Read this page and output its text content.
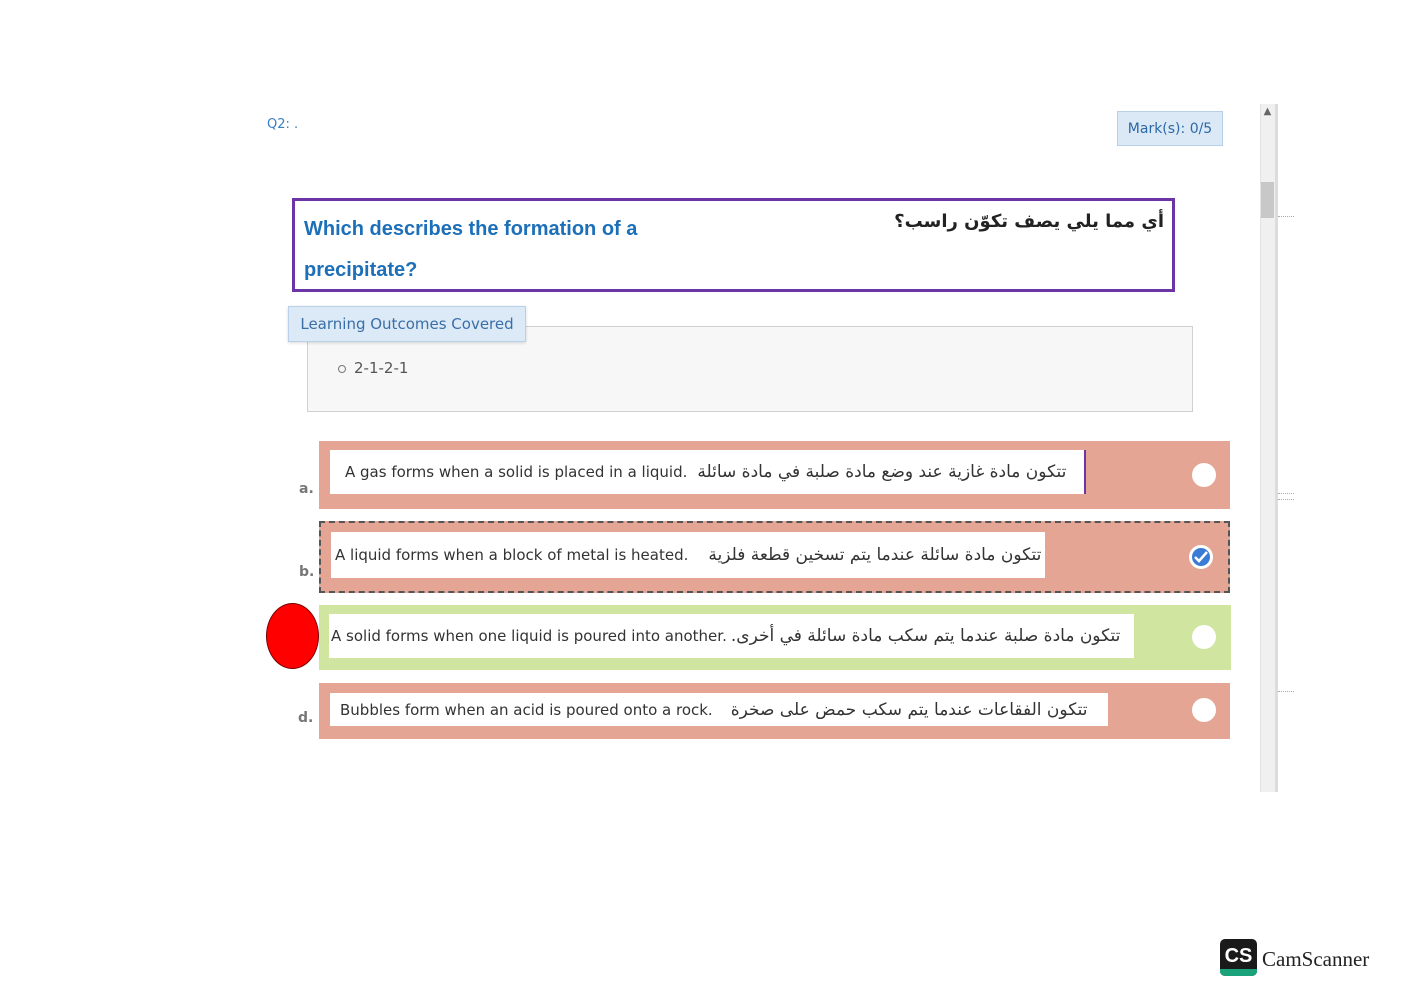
Q2: .	Mark(s): 0/5
Which describes the formation of a precipitate?
أي مما يلي يصف تكوّن راسب؟
2-1-2-1
Learning Outcomes Covered
a.
A gas forms when a solid is placed in a liquid. تتكون مادة غازية عند وضع مادة صلبة في مادة سائلة
b.
A liquid forms when a block of metal is heated. تتكون مادة سائلة عندما يتم تسخين قطعة فلزية
A solid forms when one liquid is poured into another. تتكون مادة صلبة عندما يتم سكب مادة سائلة في أخرى.
d. Bubbles form when an acid is poured onto a rock. تتكون الفقاعات عندما يتم سكب حمض على صخرة
▲
CS CamScanner
